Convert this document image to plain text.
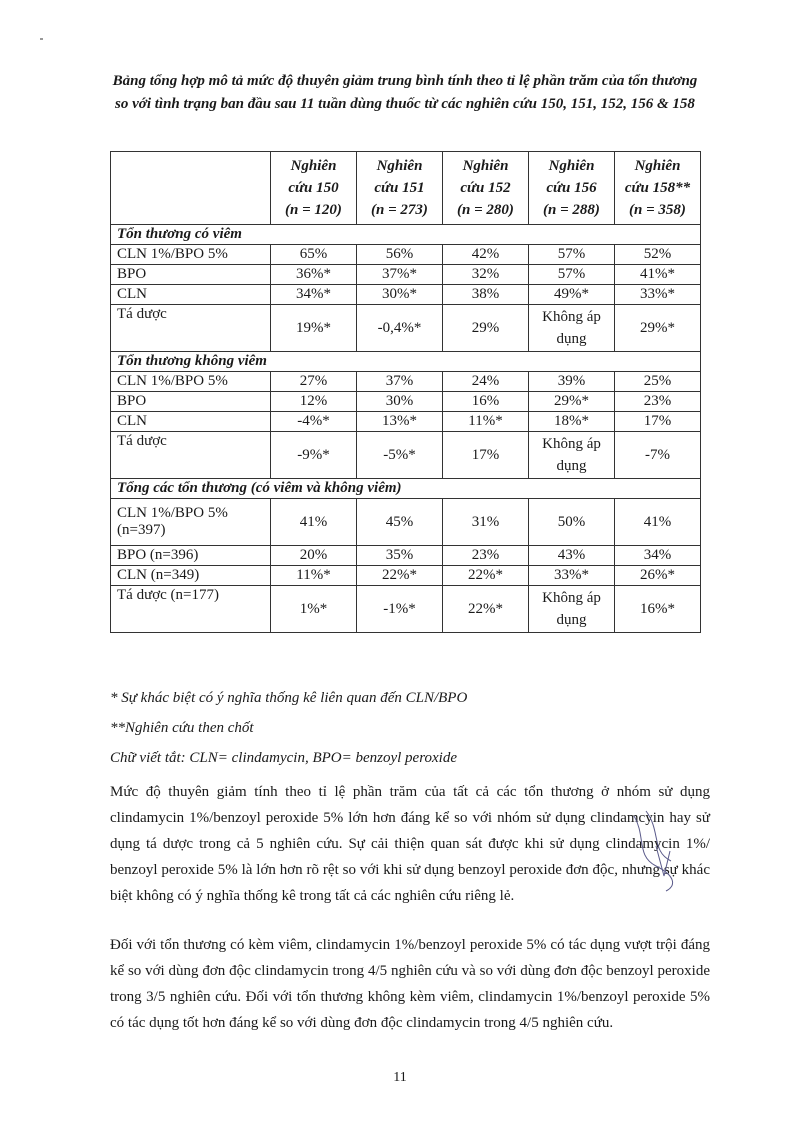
Bảng tổng hợp mô tả mức độ thuyên giảm trung bình tính theo tỉ lệ phần trăm của tổn thương so với tình trạng ban đầu sau 11 tuần dùng thuốc từ các nghiên cứu 150, 151, 152, 156 & 158

	Nghiên
cứu 150
(n = 120)	Nghiên
cứu 151
(n = 273)	Nghiên
cứu 152
(n = 280)	Nghiên
cứu 156
(n = 288)	Nghiên
cứu 158**
(n = 358)

Tổn thương có viêm					

CLN 1%/BPO 5%	65%	56%	42%	57%	52%

BPO	36%*	37%*	32%	57%	41%*

CLN	34%*	30%*	38%	49%*	33%*

Tá dược	19%*	-0,4%*	29%	Không áp dụng	29%*
Tổn thương không viêm					

CLN 1%/BPO 5%	27%	37%	24%	39%	25%

BPO	12%	30%	16%	29%*	23%

CLN	-4%*	13%*	11%*	18%*	17%

Tá dược	-9%*	-5%*	17%	Không áp dụng	-7%
Tổng các tổn thương (có viêm và không viêm)					

CLN 1%/BPO 5%
(n=397)	41%	45%	31%	50%	41%

BPO (n=396)	20%	35%	23%	43%	34%

CLN (n=349)	11%*	22%*	22%*	33%*	26%*

Tá dược (n=177)	1%*	-1%*	22%*	Không áp dụng	16%*

* Sự khác biệt có ý nghĩa thống kê liên quan đến CLN/BPO

**Nghiên cứu then chốt

Chữ viết tắt: CLN= clindamycin, BPO= benzoyl peroxide

Mức độ thuyên giảm tính theo tỉ lệ phần trăm của tất cả các tổn thương ở nhóm sử dụng clindamycin 1%/benzoyl peroxide 5% lớn hơn đáng kể so với nhóm sử dụng clindamcyin hay sử dụng tá dược trong cả 5 nghiên cứu. Sự cải thiện quan sát được khi sử dụng clindamycin 1%/ benzoyl peroxide 5% là lớn hơn rõ rệt so với khi sử dụng benzoyl peroxide đơn độc, nhưng sự khác biệt không có ý nghĩa thống kê trong tất cả các nghiên cứu riêng lẻ.

Đối với tổn thương có kèm viêm, clindamycin 1%/benzoyl peroxide 5% có tác dụng vượt trội đáng kể so với dùng đơn độc clindamycin trong 4/5 nghiên cứu và so với dùng đơn độc benzoyl peroxide trong 3/5 nghiên cứu. Đối với tổn thương không kèm viêm, clindamycin 1%/benzoyl peroxide 5% có tác dụng tốt hơn đáng kể so với dùng đơn độc clindamycin trong 4/5 nghiên cứu.

11
